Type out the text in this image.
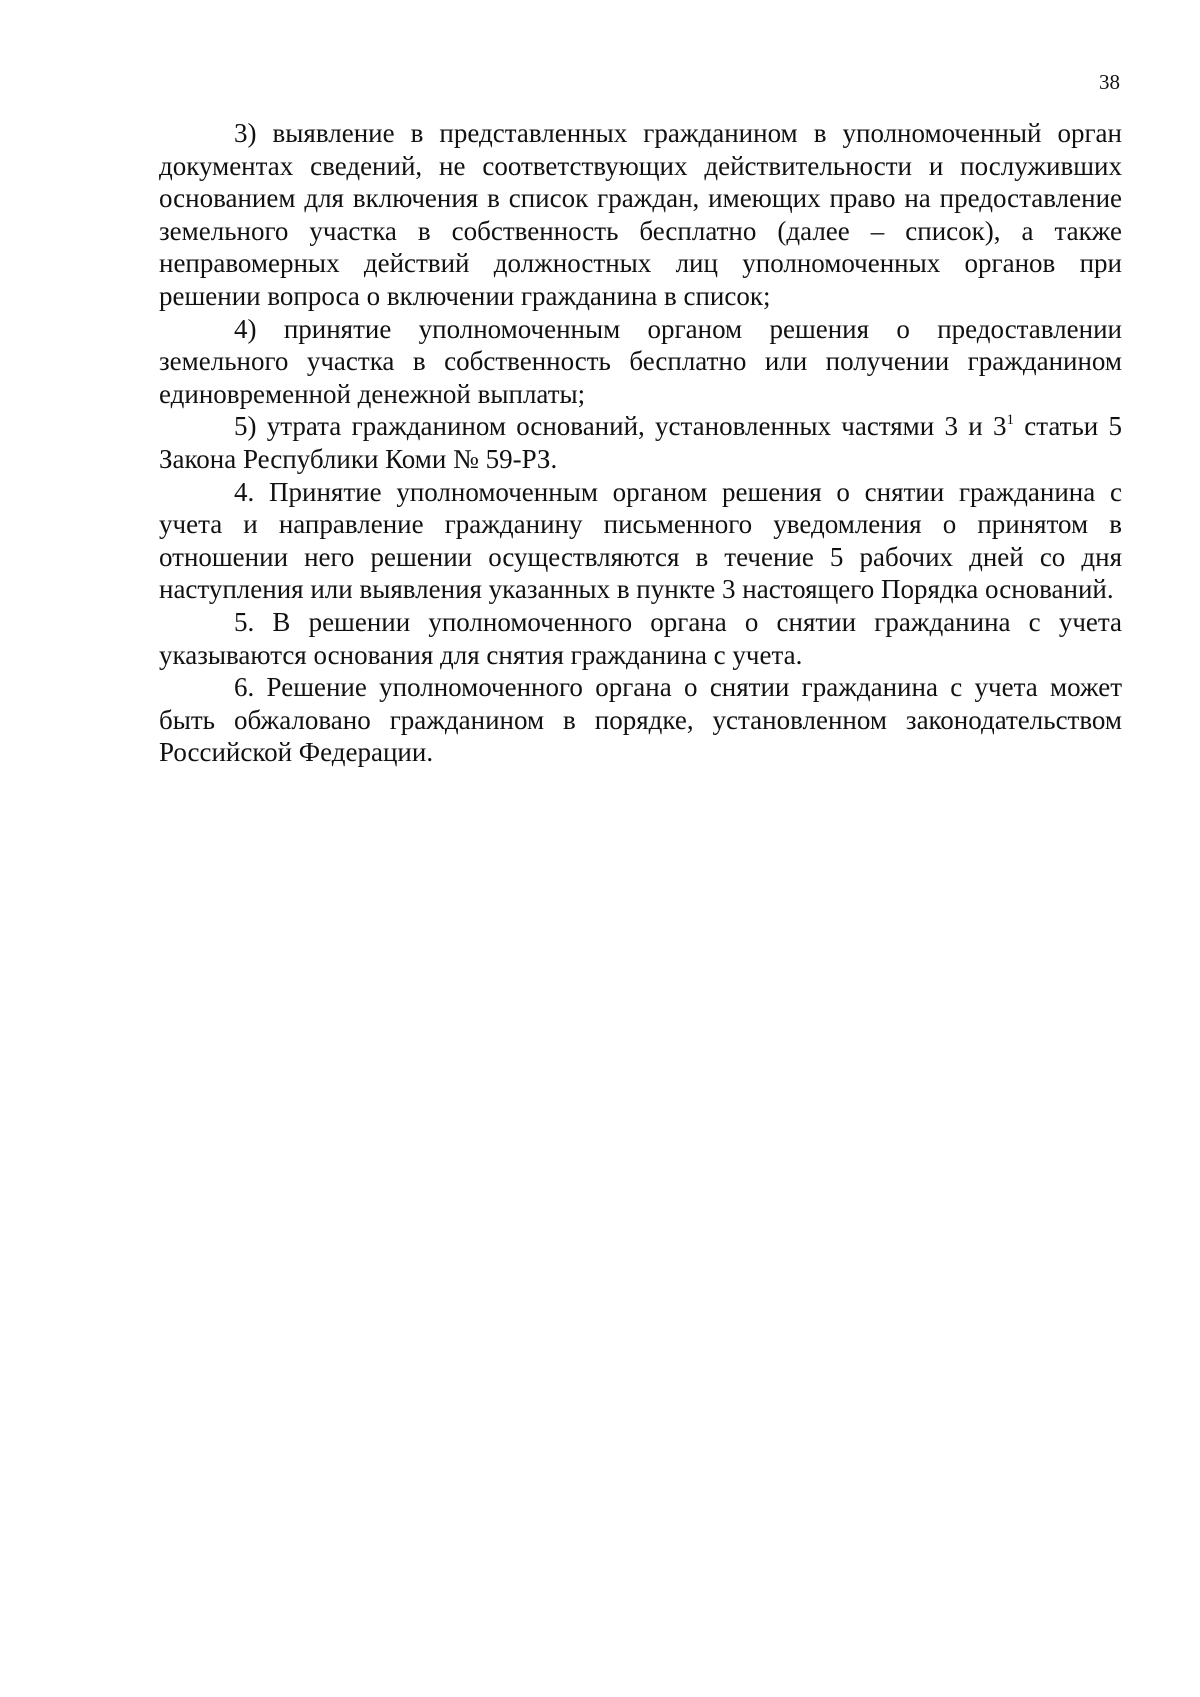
38

3) выявление в представленных гражданином в уполномоченный орган документах сведений, не соответствующих действительности и послуживших основанием для включения в список граждан, имеющих право на предоставление земельного участка в собственность бесплатно (далее – список), а также неправомерных действий должностных лиц уполномоченных органов при решении вопроса о включении гражданина в список;

4) принятие уполномоченным органом решения о предоставлении земельного участка в собственность бесплатно или получении гражданином единовременной денежной выплаты;

5) утрата гражданином оснований, установленных частями 3 и $3^1$ статьи 5 Закона Республики Коми № 59-РЗ.

4. Принятие уполномоченным органом решения о снятии гражданина с учета и направление гражданину письменного уведомления о принятом в отношении него решении осуществляются в течение 5 рабочих дней со дня наступления или выявления указанных в пункте 3 настоящего Порядка оснований.

5. В решении уполномоченного органа о снятии гражданина с учета указываются основания для снятия гражданина с учета.

6. Решение уполномоченного органа о снятии гражданина с учета может быть обжаловано гражданином в порядке, установленном законодательством Российской Федерации.
